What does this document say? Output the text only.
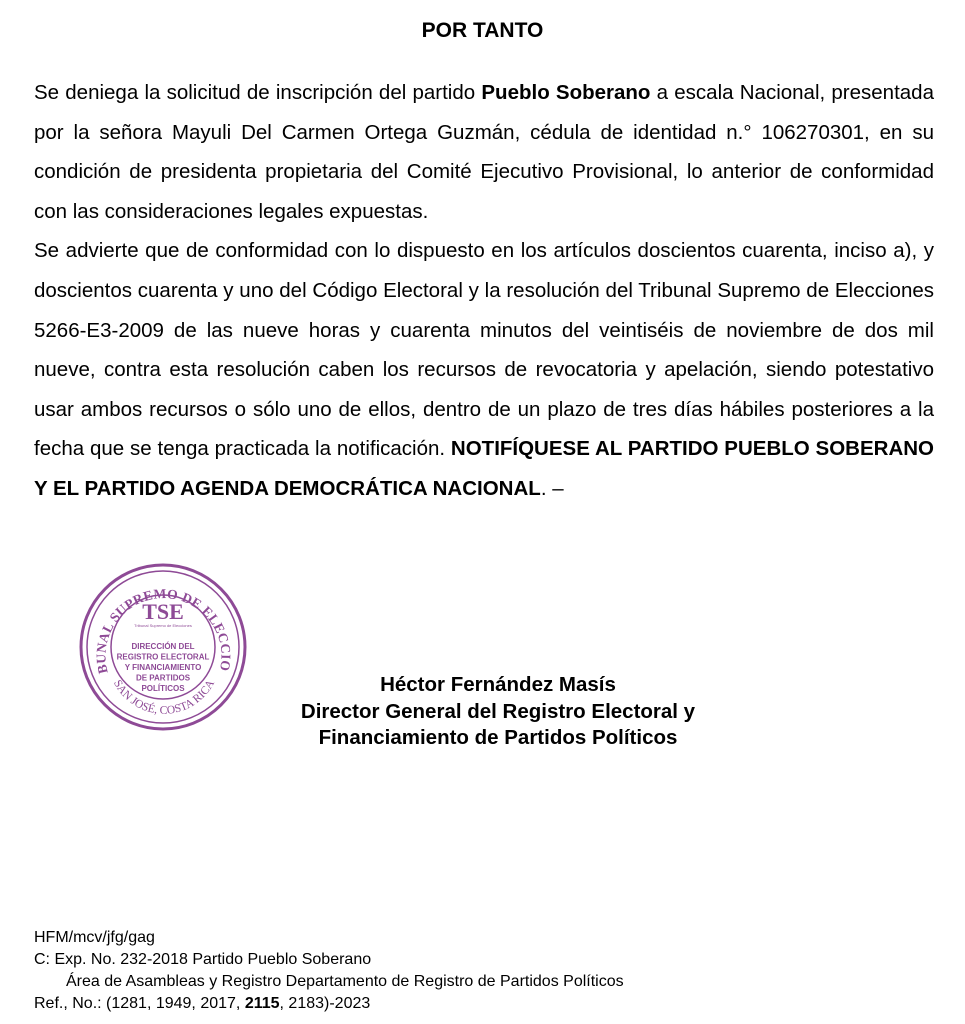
POR TANTO

Se deniega la solicitud de inscripción del partido Pueblo Soberano a escala Nacional, presentada por la señora Mayuli Del Carmen Ortega Guzmán, cédula de identidad n.° 106270301, en su condición de presidenta propietaria del Comité Ejecutivo Provisional, lo anterior de conformidad con las consideraciones legales expuestas.

Se advierte que de conformidad con lo dispuesto en los artículos doscientos cuarenta, inciso a), y doscientos cuarenta y uno del Código Electoral y la resolución del Tribunal Supremo de Elecciones 5266-E3-2009 de las nueve horas y cuarenta minutos del veintiséis de noviembre de dos mil nueve, contra esta resolución caben los recursos de revocatoria y apelación, siendo potestativo usar ambos recursos o sólo uno de ellos, dentro de un plazo de tres días hábiles posteriores a la fecha que se tenga practicada la notificación. NOTIFÍQUESE AL PARTIDO PUEBLO SOBERANO Y EL PARTIDO AGENDA DEMOCRÁTICA NACIONAL. –

BUNAL SUPREMO DE ELECCIO
SAN JOSÉ, COSTA RICA
TSE
Tribunal Supremo de Elecciones
DIRECCIÓN DEL
REGISTRO ELECTORAL
Y FINANCIAMIENTO
DE PARTIDOS
POLÍTICOS	Héctor Fernández Masís
Director General del Registro Electoral y
Financiamiento de Partidos Políticos
HFM/mcv/jfg/gag
C: Exp. No. 232-2018 Partido Pueblo Soberano
Área de Asambleas y Registro Departamento de Registro de Partidos Políticos
Ref., No.: (1281, 1949, 2017, 2115, 2183)-2023
